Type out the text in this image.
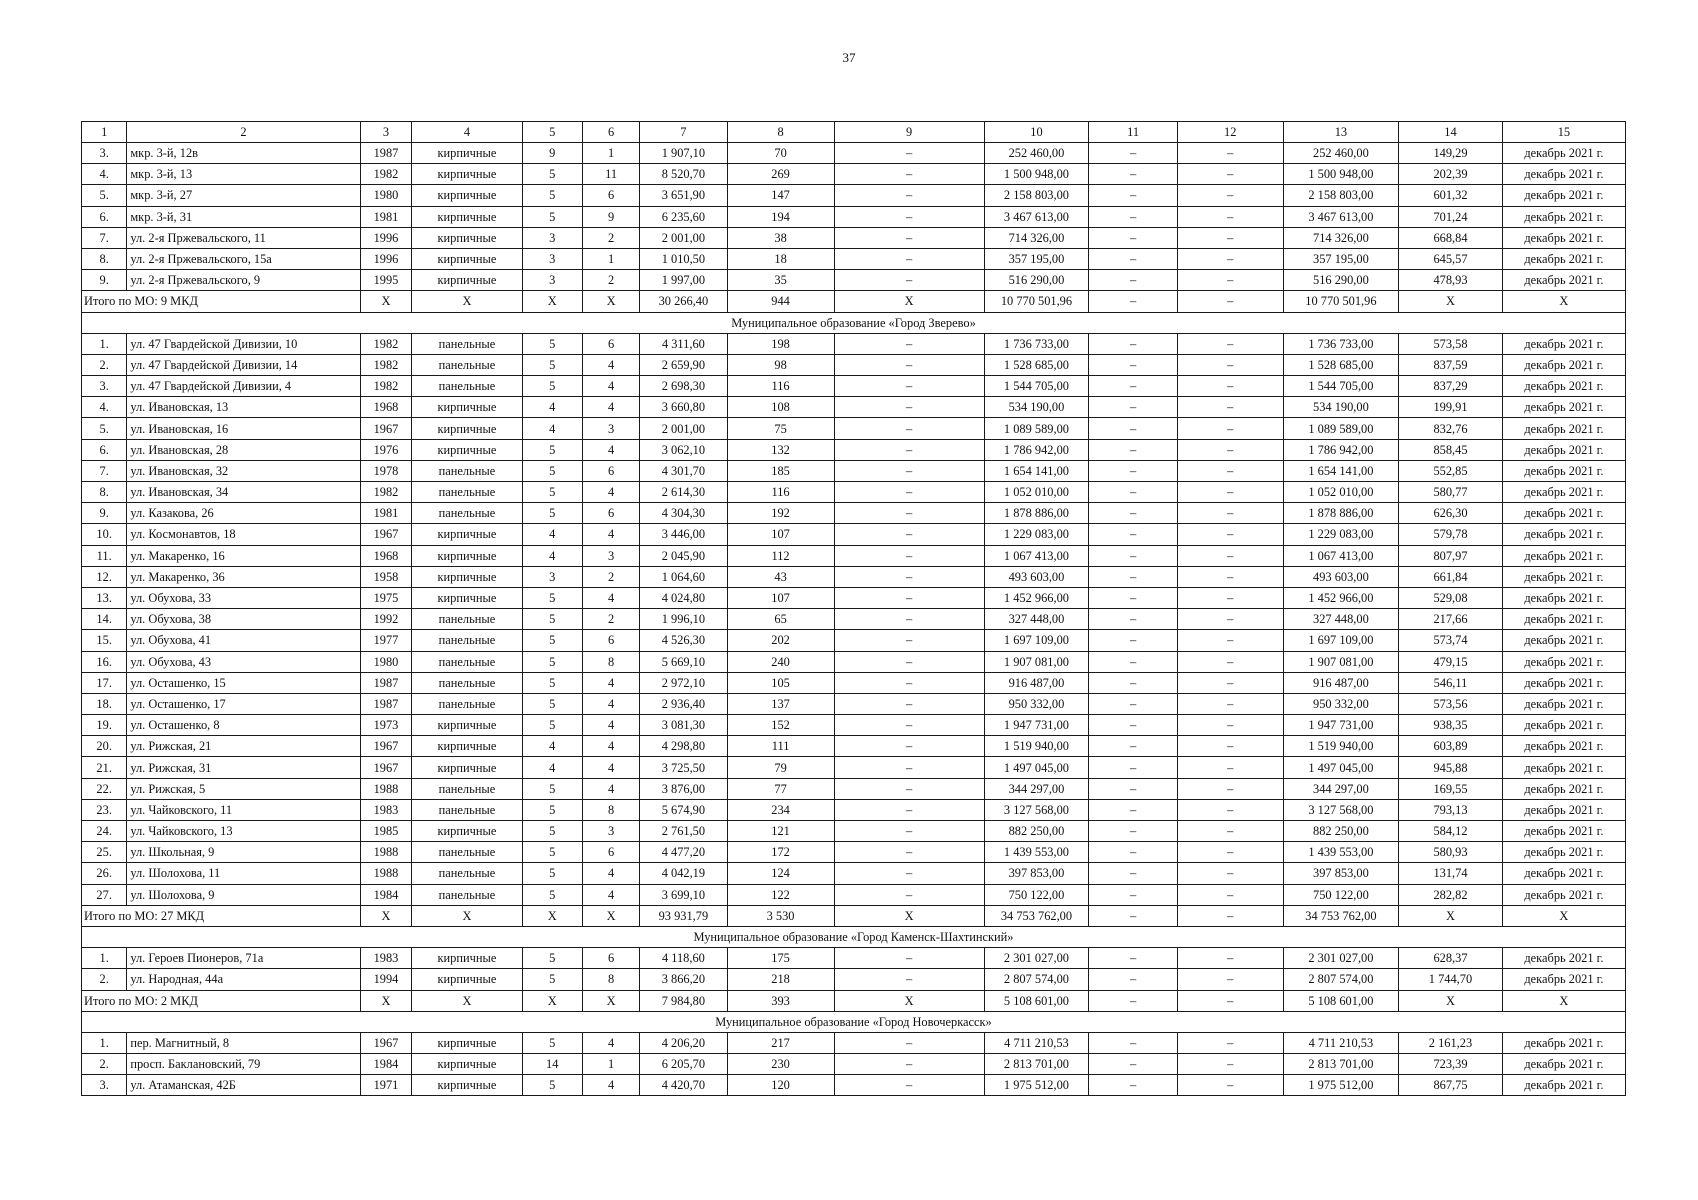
37
1	2	3	4	5	6	7	8	9	10	11	12	13	14	15
3.	мкр. 3-й, 12в	1987	кирпичные	9	1	1 907,10	70	–	252 460,00	–	–	252 460,00	149,29	декабрь 2021 г.
4.	мкр. 3-й, 13	1982	кирпичные	5	11	8 520,70	269	–	1 500 948,00	–	–	1 500 948,00	202,39	декабрь 2021 г.
5.	мкр. 3-й, 27	1980	кирпичные	5	6	3 651,90	147	–	2 158 803,00	–	–	2 158 803,00	601,32	декабрь 2021 г.
6.	мкр. 3-й, 31	1981	кирпичные	5	9	6 235,60	194	–	3 467 613,00	–	–	3 467 613,00	701,24	декабрь 2021 г.
7.	ул. 2-я Пржевальского, 11	1996	кирпичные	3	2	2 001,00	38	–	714 326,00	–	–	714 326,00	668,84	декабрь 2021 г.
8.	ул. 2-я Пржевальского, 15а	1996	кирпичные	3	1	1 010,50	18	–	357 195,00	–	–	357 195,00	645,57	декабрь 2021 г.
9.	ул. 2-я Пржевальского, 9	1995	кирпичные	3	2	1 997,00	35	–	516 290,00	–	–	516 290,00	478,93	декабрь 2021 г.
Итого по МО: 9 МКД		X	X	X	X	30 266,40	944	X	10 770 501,96	–	–	10 770 501,96	X	X
Муниципальное образование «Город Зверево»														
1.	ул. 47 Гвардейской Дивизии, 10	1982	панельные	5	6	4 311,60	198	–	1 736 733,00	–	–	1 736 733,00	573,58	декабрь 2021 г.
2.	ул. 47 Гвардейской Дивизии, 14	1982	панельные	5	4	2 659,90	98	–	1 528 685,00	–	–	1 528 685,00	837,59	декабрь 2021 г.
3.	ул. 47 Гвардейской Дивизии, 4	1982	панельные	5	4	2 698,30	116	–	1 544 705,00	–	–	1 544 705,00	837,29	декабрь 2021 г.
4.	ул. Ивановская, 13	1968	кирпичные	4	4	3 660,80	108	–	534 190,00	–	–	534 190,00	199,91	декабрь 2021 г.
5.	ул. Ивановская, 16	1967	кирпичные	4	3	2 001,00	75	–	1 089 589,00	–	–	1 089 589,00	832,76	декабрь 2021 г.
6.	ул. Ивановская, 28	1976	кирпичные	5	4	3 062,10	132	–	1 786 942,00	–	–	1 786 942,00	858,45	декабрь 2021 г.
7.	ул. Ивановская, 32	1978	панельные	5	6	4 301,70	185	–	1 654 141,00	–	–	1 654 141,00	552,85	декабрь 2021 г.
8.	ул. Ивановская, 34	1982	панельные	5	4	2 614,30	116	–	1 052 010,00	–	–	1 052 010,00	580,77	декабрь 2021 г.
9.	ул. Казакова, 26	1981	панельные	5	6	4 304,30	192	–	1 878 886,00	–	–	1 878 886,00	626,30	декабрь 2021 г.
10.	ул. Космонавтов, 18	1967	кирпичные	4	4	3 446,00	107	–	1 229 083,00	–	–	1 229 083,00	579,78	декабрь 2021 г.
11.	ул. Макаренко, 16	1968	кирпичные	4	3	2 045,90	112	–	1 067 413,00	–	–	1 067 413,00	807,97	декабрь 2021 г.
12.	ул. Макаренко, 36	1958	кирпичные	3	2	1 064,60	43	–	493 603,00	–	–	493 603,00	661,84	декабрь 2021 г.
13.	ул. Обухова, 33	1975	кирпичные	5	4	4 024,80	107	–	1 452 966,00	–	–	1 452 966,00	529,08	декабрь 2021 г.
14.	ул. Обухова, 38	1992	панельные	5	2	1 996,10	65	–	327 448,00	–	–	327 448,00	217,66	декабрь 2021 г.
15.	ул. Обухова, 41	1977	панельные	5	6	4 526,30	202	–	1 697 109,00	–	–	1 697 109,00	573,74	декабрь 2021 г.
16.	ул. Обухова, 43	1980	панельные	5	8	5 669,10	240	–	1 907 081,00	–	–	1 907 081,00	479,15	декабрь 2021 г.
17.	ул. Осташенко, 15	1987	панельные	5	4	2 972,10	105	–	916 487,00	–	–	916 487,00	546,11	декабрь 2021 г.
18.	ул. Осташенко, 17	1987	панельные	5	4	2 936,40	137	–	950 332,00	–	–	950 332,00	573,56	декабрь 2021 г.
19.	ул. Осташенко, 8	1973	кирпичные	5	4	3 081,30	152	–	1 947 731,00	–	–	1 947 731,00	938,35	декабрь 2021 г.
20.	ул. Рижская, 21	1967	кирпичные	4	4	4 298,80	111	–	1 519 940,00	–	–	1 519 940,00	603,89	декабрь 2021 г.
21.	ул. Рижская, 31	1967	кирпичные	4	4	3 725,50	79	–	1 497 045,00	–	–	1 497 045,00	945,88	декабрь 2021 г.
22.	ул. Рижская, 5	1988	панельные	5	4	3 876,00	77	–	344 297,00	–	–	344 297,00	169,55	декабрь 2021 г.
23.	ул. Чайковского, 11	1983	панельные	5	8	5 674,90	234	–	3 127 568,00	–	–	3 127 568,00	793,13	декабрь 2021 г.
24.	ул. Чайковского, 13	1985	кирпичные	5	3	2 761,50	121	–	882 250,00	–	–	882 250,00	584,12	декабрь 2021 г.
25.	ул. Школьная, 9	1988	панельные	5	6	4 477,20	172	–	1 439 553,00	–	–	1 439 553,00	580,93	декабрь 2021 г.
26.	ул. Шолохова, 11	1988	панельные	5	4	4 042,19	124	–	397 853,00	–	–	397 853,00	131,74	декабрь 2021 г.
27.	ул. Шолохова, 9	1984	панельные	5	4	3 699,10	122	–	750 122,00	–	–	750 122,00	282,82	декабрь 2021 г.
Итого по МО: 27 МКД		X	X	X	X	93 931,79	3 530	X	34 753 762,00	–	–	34 753 762,00	X	X
Муниципальное образование «Город Каменск-Шахтинский»														
1.	ул. Героев Пионеров, 71а	1983	кирпичные	5	6	4 118,60	175	–	2 301 027,00	–	–	2 301 027,00	628,37	декабрь 2021 г.
2.	ул. Народная, 44а	1994	кирпичные	5	8	3 866,20	218	–	2 807 574,00	–	–	2 807 574,00	1 744,70	декабрь 2021 г.
Итого по МО: 2 МКД		X	X	X	X	7 984,80	393	X	5 108 601,00	–	–	5 108 601,00	X	X
Муниципальное образование «Город Новочеркасск»														
1.	пер. Магнитный, 8	1967	кирпичные	5	4	4 206,20	217	–	4 711 210,53	–	–	4 711 210,53	2 161,23	декабрь 2021 г.
2.	просп. Баклановский, 79	1984	кирпичные	14	1	6 205,70	230	–	2 813 701,00	–	–	2 813 701,00	723,39	декабрь 2021 г.
3.	ул. Атаманская, 42Б	1971	кирпичные	5	4	4 420,70	120	–	1 975 512,00	–	–	1 975 512,00	867,75	декабрь 2021 г.
